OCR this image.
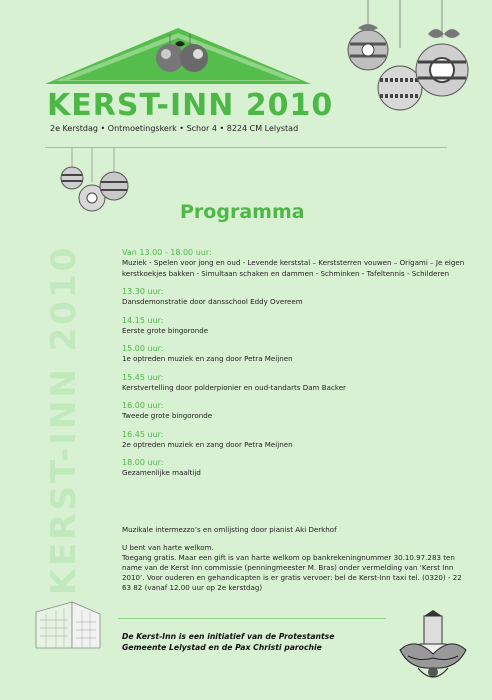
KERST-INN 2010
2e Kerstdag • Ontmoetingskerk • Schor 4 • 8224 CM Lelystad
KERST-INN 2010
Programma
Van 13.00 - 18.00 uur:
Muziek - Spelen voor jong en oud - Levende kerststal – Kerststerren vouwen – Origami – Je eigen kerstkoekjes bakken - Simultaan schaken en dammen - Schminken - Tafeltennis - Schilderen
13.30 uur:
Dansdemonstratie door dansschool Eddy Overeem
14.15 uur:
Eerste grote bingoronde
15.00 uur:
1e optreden muziek en zang door Petra Meijnen
15.45 uur:
Kerstvertelling door polderpionier en oud-tandarts Dam Backer
16.00 uur:
Tweede grote bingoronde
16.45 uur:
2e optreden muziek en zang door Petra Meijnen
18.00 uur:
Gezamenlijke maaltijd

Muzikale intermezzo’s en omlijsting door pianist Aki Derkhof

U bent van harte welkom.

Toegang gratis. Maar een gift is van harte welkom op bankrekeningnummer 30.10.97.283 ten name van de Kerst Inn commissie (penningmeester M. Bras) onder vermelding van ‘Kerst Inn 2010’. Voor ouderen en gehandicapten is er gratis vervoer: bel de Kerst-Inn taxi tel. (0320) - 22 63 82 (vanaf 12.00 uur op 2e kerstdag)

De Kerst-Inn is een initiatief van de Protestantse
Gemeente Lelystad en de Pax Christi parochie
